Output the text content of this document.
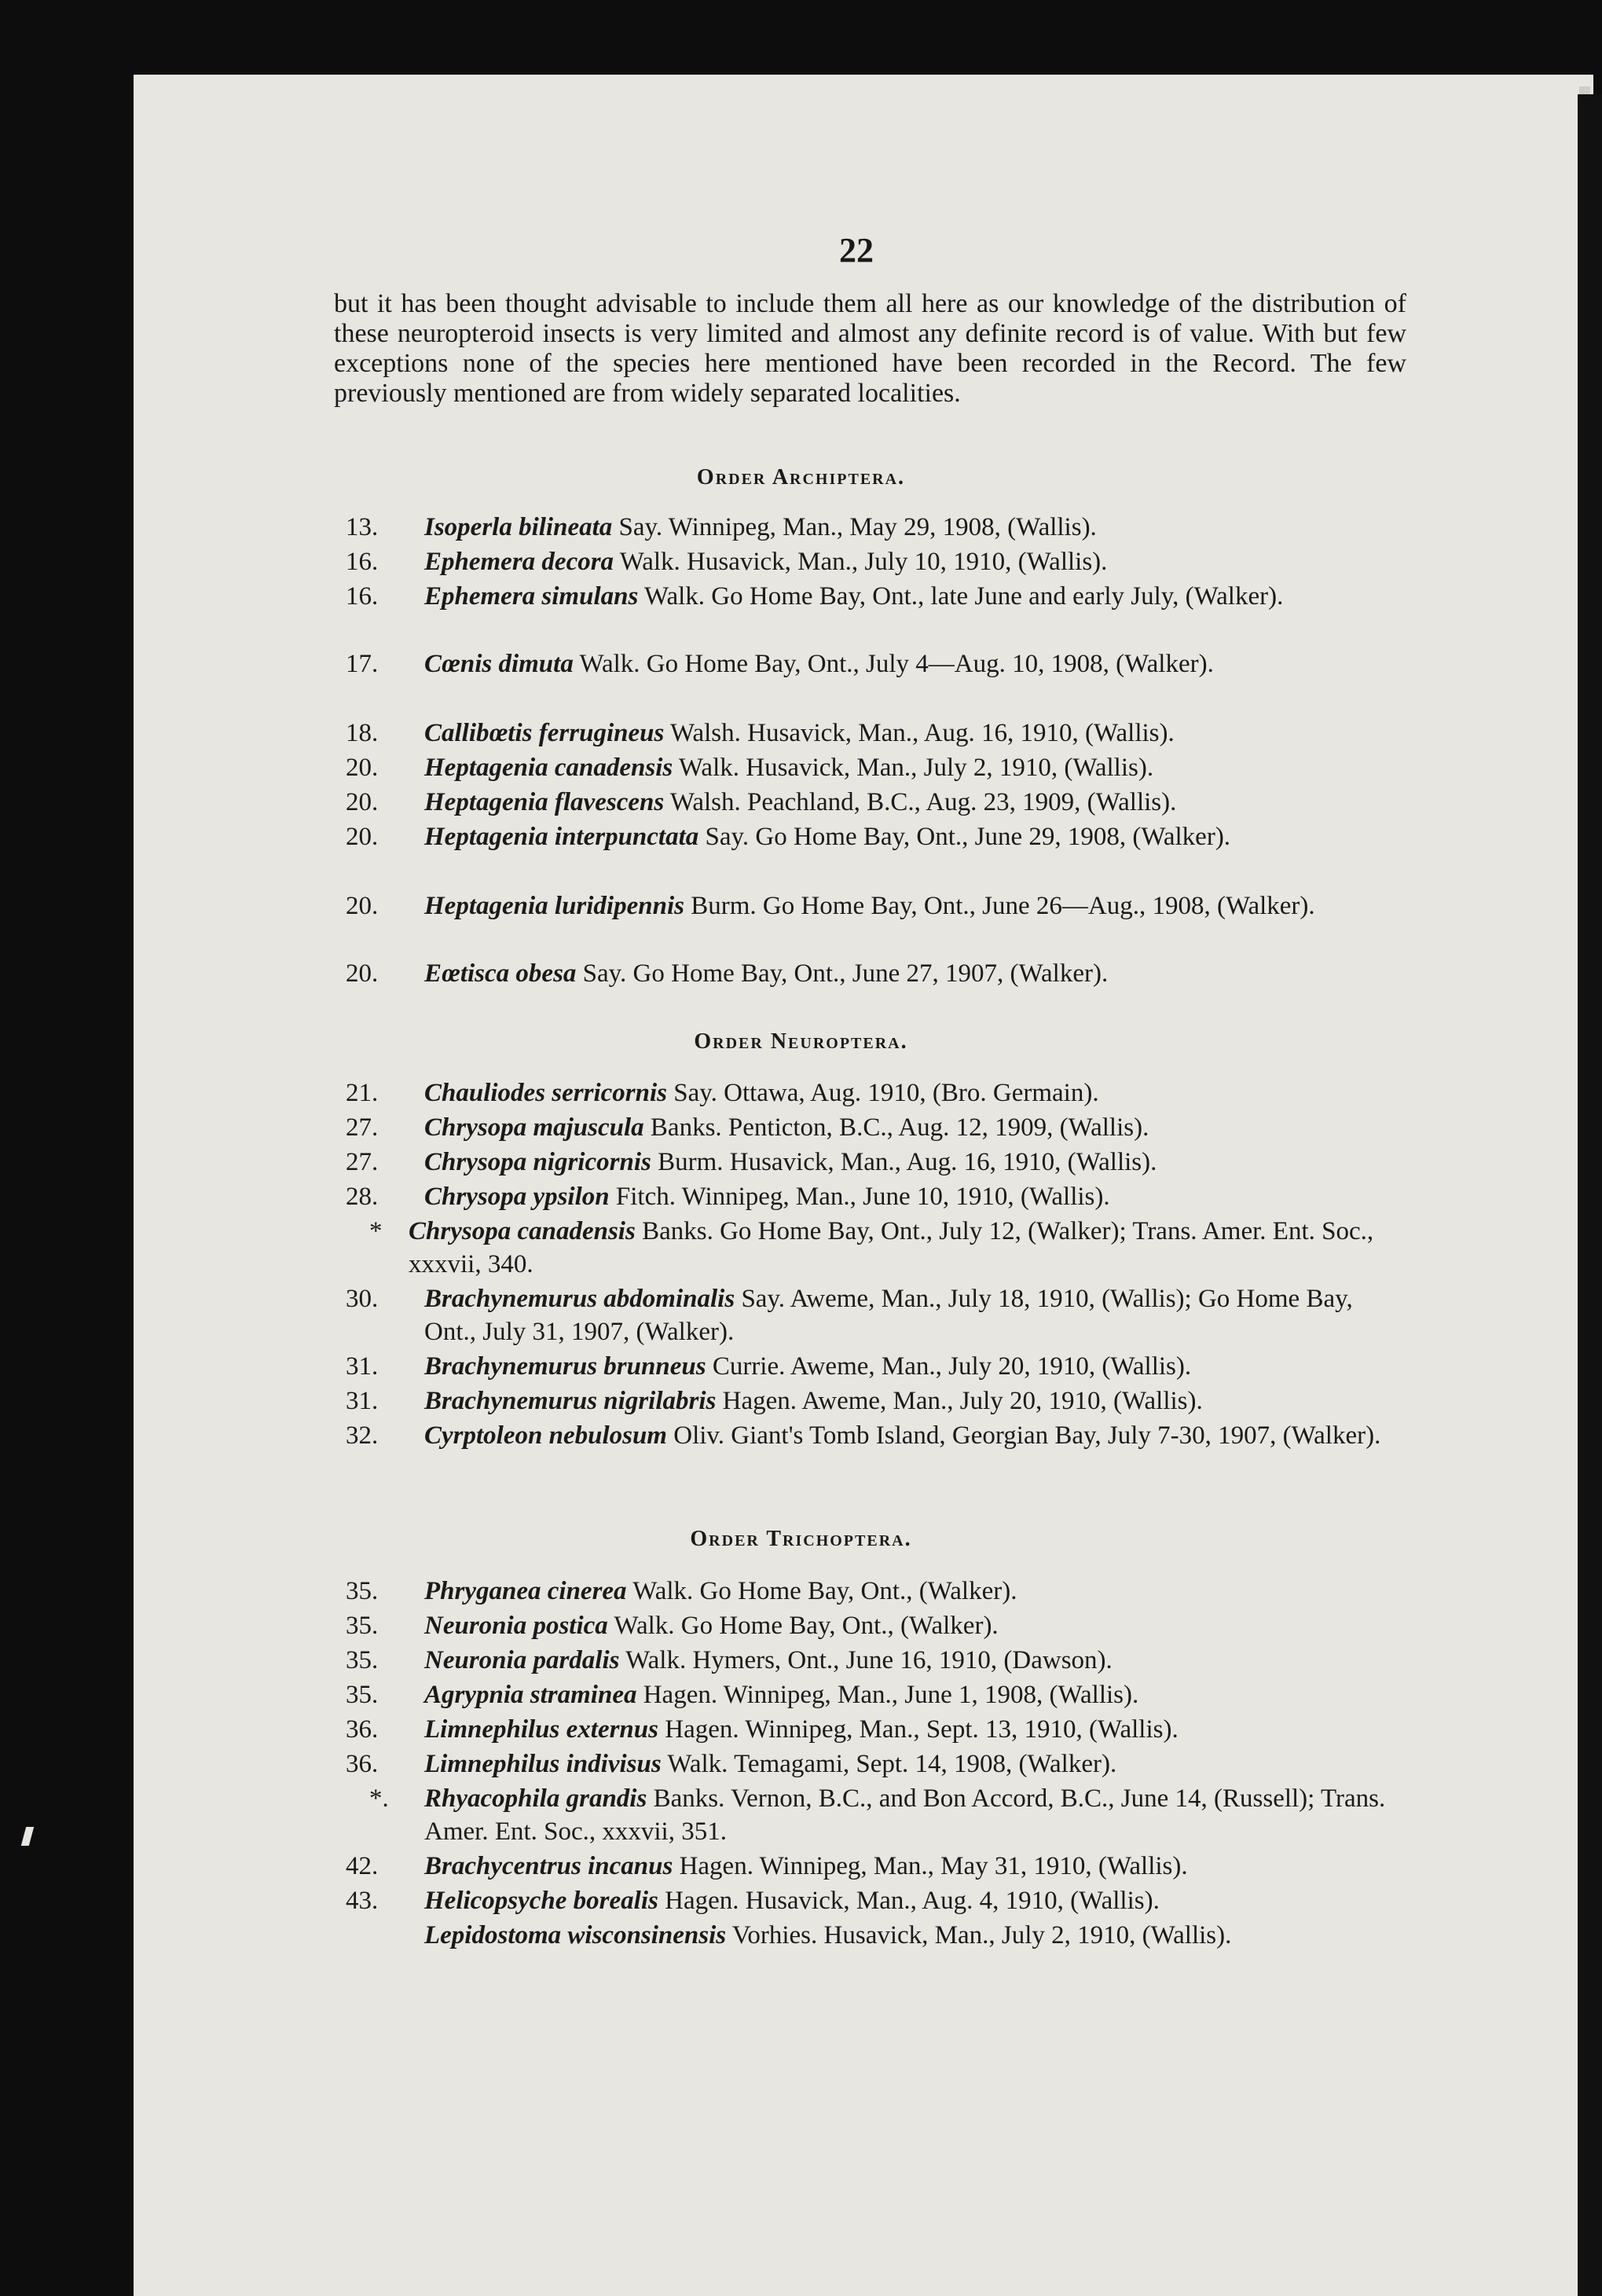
22

but it has been thought advisable to include them all here as our knowledge of the distribution of these neuropteroid insects is very limited and almost any definite record is of value. With but few exceptions none of the species here mentioned have been recorded in the Record. The few previously mentioned are from widely separated localities.

Order Archiptera.
Order Neuroptera.
Order Trichoptera.
13.	Isoperla bilineata Say. Winnipeg, Man., May 29, 1908, (Wallis).
16.	Ephemera decora Walk. Husavick, Man., July 10, 1910, (Wallis).
16.	Ephemera simulans Walk. Go Home Bay, Ont., late June and early July, (Walker).
17.	Cœnis dimuta Walk. Go Home Bay, Ont., July 4—Aug. 10, 1908, (Walker).
18.	Callibœtis ferrugineus Walsh. Husavick, Man., Aug. 16, 1910, (Wallis).
20.	Heptagenia canadensis Walk. Husavick, Man., July 2, 1910, (Wallis).
20.	Heptagenia flavescens Walsh. Peachland, B.C., Aug. 23, 1909, (Wallis).
20.	Heptagenia interpunctata Say. Go Home Bay, Ont., June 29, 1908, (Walker).
20.	Heptagenia luridipennis Burm. Go Home Bay, Ont., June 26—Aug., 1908, (Walker).
20.	Eœtisca obesa Say. Go Home Bay, Ont., June 27, 1907, (Walker).
21.	Chauliodes serricornis Say. Ottawa, Aug. 1910, (Bro. Germain).
27.	Chrysopa majuscula Banks. Penticton, B.C., Aug. 12, 1909, (Wallis).
27.	Chrysopa nigricornis Burm. Husavick, Man., Aug. 16, 1910, (Wallis).
28.	Chrysopa ypsilon Fitch. Winnipeg, Man., June 10, 1910, (Wallis).
*	Chrysopa canadensis Banks. Go Home Bay, Ont., July 12, (Walker); Trans. Amer. Ent. Soc., xxxvii, 340.
30.	Brachynemurus abdominalis Say. Aweme, Man., July 18, 1910, (Wallis); Go Home Bay, Ont., July 31, 1907, (Walker).
31.	Brachynemurus brunneus Currie. Aweme, Man., July 20, 1910, (Wallis).
31.	Brachynemurus nigrilabris Hagen. Aweme, Man., July 20, 1910, (Wallis).
32.	Cyrptoleon nebulosum Oliv. Giant's Tomb Island, Georgian Bay, July 7-30, 1907, (Walker).
35.	Phryganea cinerea Walk. Go Home Bay, Ont., (Walker).
35.	Neuronia postica Walk. Go Home Bay, Ont., (Walker).
35.	Neuronia pardalis Walk. Hymers, Ont., June 16, 1910, (Dawson).
35.	Agrypnia straminea Hagen. Winnipeg, Man., June 1, 1908, (Wallis).
36.	Limnephilus externus Hagen. Winnipeg, Man., Sept. 13, 1910, (Wallis).
36.	Limnephilus indivisus Walk. Temagami, Sept. 14, 1908, (Walker).
*.	Rhyacophila grandis Banks. Vernon, B.C., and Bon Accord, B.C., June 14, (Russell); Trans. Amer. Ent. Soc., xxxvii, 351.
42.	Brachycentrus incanus Hagen. Winnipeg, Man., May 31, 1910, (Wallis).
43.	Helicopsyche borealis Hagen. Husavick, Man., Aug. 4, 1910, (Wallis).
Lepidostoma wisconsinensis Vorhies. Husavick, Man., July 2, 1910, (Wallis).
